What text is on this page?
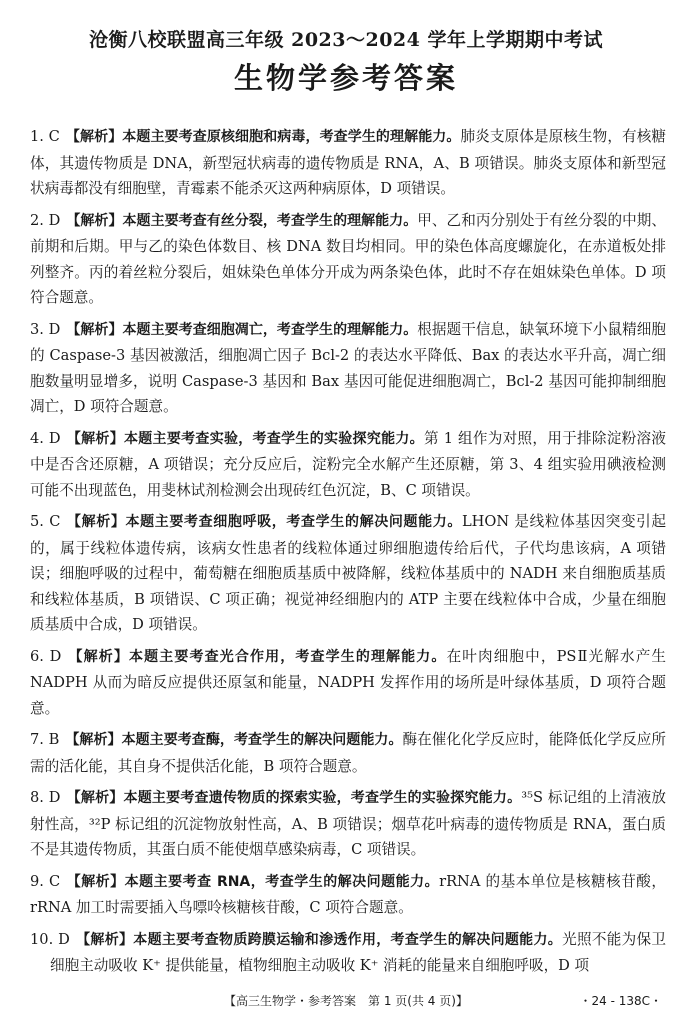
沧衡八校联盟高三年级 2023～2024 学年上学期期中考试
生物学参考答案
1. C 【解析】本题主要考查原核细胞和病毒，考查学生的理解能力。肺炎支原体是原核生物，有核糖体，其遗传物质是 DNA，新型冠状病毒的遗传物质是 RNA，A、B 项错误。肺炎支原体和新型冠状病毒都没有细胞壁，青霉素不能杀灭这两种病原体，D 项错误。
2. D 【解析】本题主要考查有丝分裂，考查学生的理解能力。甲、乙和丙分别处于有丝分裂的中期、前期和后期。甲与乙的染色体数目、核 DNA 数目均相同。甲的染色体高度螺旋化，在赤道板处排列整齐。丙的着丝粒分裂后，姐妹染色单体分开成为两条染色体，此时不存在姐妹染色单体。D 项符合题意。
3. D 【解析】本题主要考查细胞凋亡，考查学生的理解能力。根据题干信息，缺氧环境下小鼠精细胞的 Caspase-3 基因被激活，细胞凋亡因子 Bcl-2 的表达水平降低、Bax 的表达水平升高，凋亡细胞数量明显增多，说明 Caspase-3 基因和 Bax 基因可能促进细胞凋亡，Bcl-2 基因可能抑制细胞凋亡，D 项符合题意。
4. D 【解析】本题主要考查实验，考查学生的实验探究能力。第 1 组作为对照，用于排除淀粉溶液中是否含还原糖，A 项错误；充分反应后，淀粉完全水解产生还原糖，第 3、4 组实验用碘液检测可能不出现蓝色，用斐林试剂检测会出现砖红色沉淀，B、C 项错误。
5. C 【解析】本题主要考查细胞呼吸，考查学生的解决问题能力。LHON 是线粒体基因突变引起的，属于线粒体遗传病，该病女性患者的线粒体通过卵细胞遗传给后代，子代均患该病，A 项错误；细胞呼吸的过程中，葡萄糖在细胞质基质中被降解，线粒体基质中的 NADH 来自细胞质基质和线粒体基质，B 项错误、C 项正确；视觉神经细胞内的 ATP 主要在线粒体中合成，少量在细胞质基质中合成，D 项错误。
6. D 【解析】本题主要考查光合作用，考查学生的理解能力。在叶肉细胞中，PSⅡ光解水产生 NADPH 从而为暗反应提供还原氢和能量，NADPH 发挥作用的场所是叶绿体基质，D 项符合题意。
7. B 【解析】本题主要考查酶，考查学生的解决问题能力。酶在催化化学反应时，能降低化学反应所需的活化能，其自身不提供活化能，B 项符合题意。
8. D 【解析】本题主要考查遗传物质的探索实验，考查学生的实验探究能力。³⁵S 标记组的上清液放射性高，³²P 标记组的沉淀物放射性高，A、B 项错误；烟草花叶病毒的遗传物质是 RNA，蛋白质不是其遗传物质，其蛋白质不能使烟草感染病毒，C 项错误。
9. C 【解析】本题主要考查 RNA，考查学生的解决问题能力。rRNA 的基本单位是核糖核苷酸，rRNA 加工时需要插入鸟嘌呤核糖核苷酸，C 项符合题意。
10. D 【解析】本题主要考查物质跨膜运输和渗透作用，考查学生的解决问题能力。光照不能为保卫细胞主动吸收 K⁺ 提供能量，植物细胞主动吸收 K⁺ 消耗的能量来自细胞呼吸，D 项
【高三生物学・参考答案　第 1 页(共 4 页)】	・24 - 138C・
